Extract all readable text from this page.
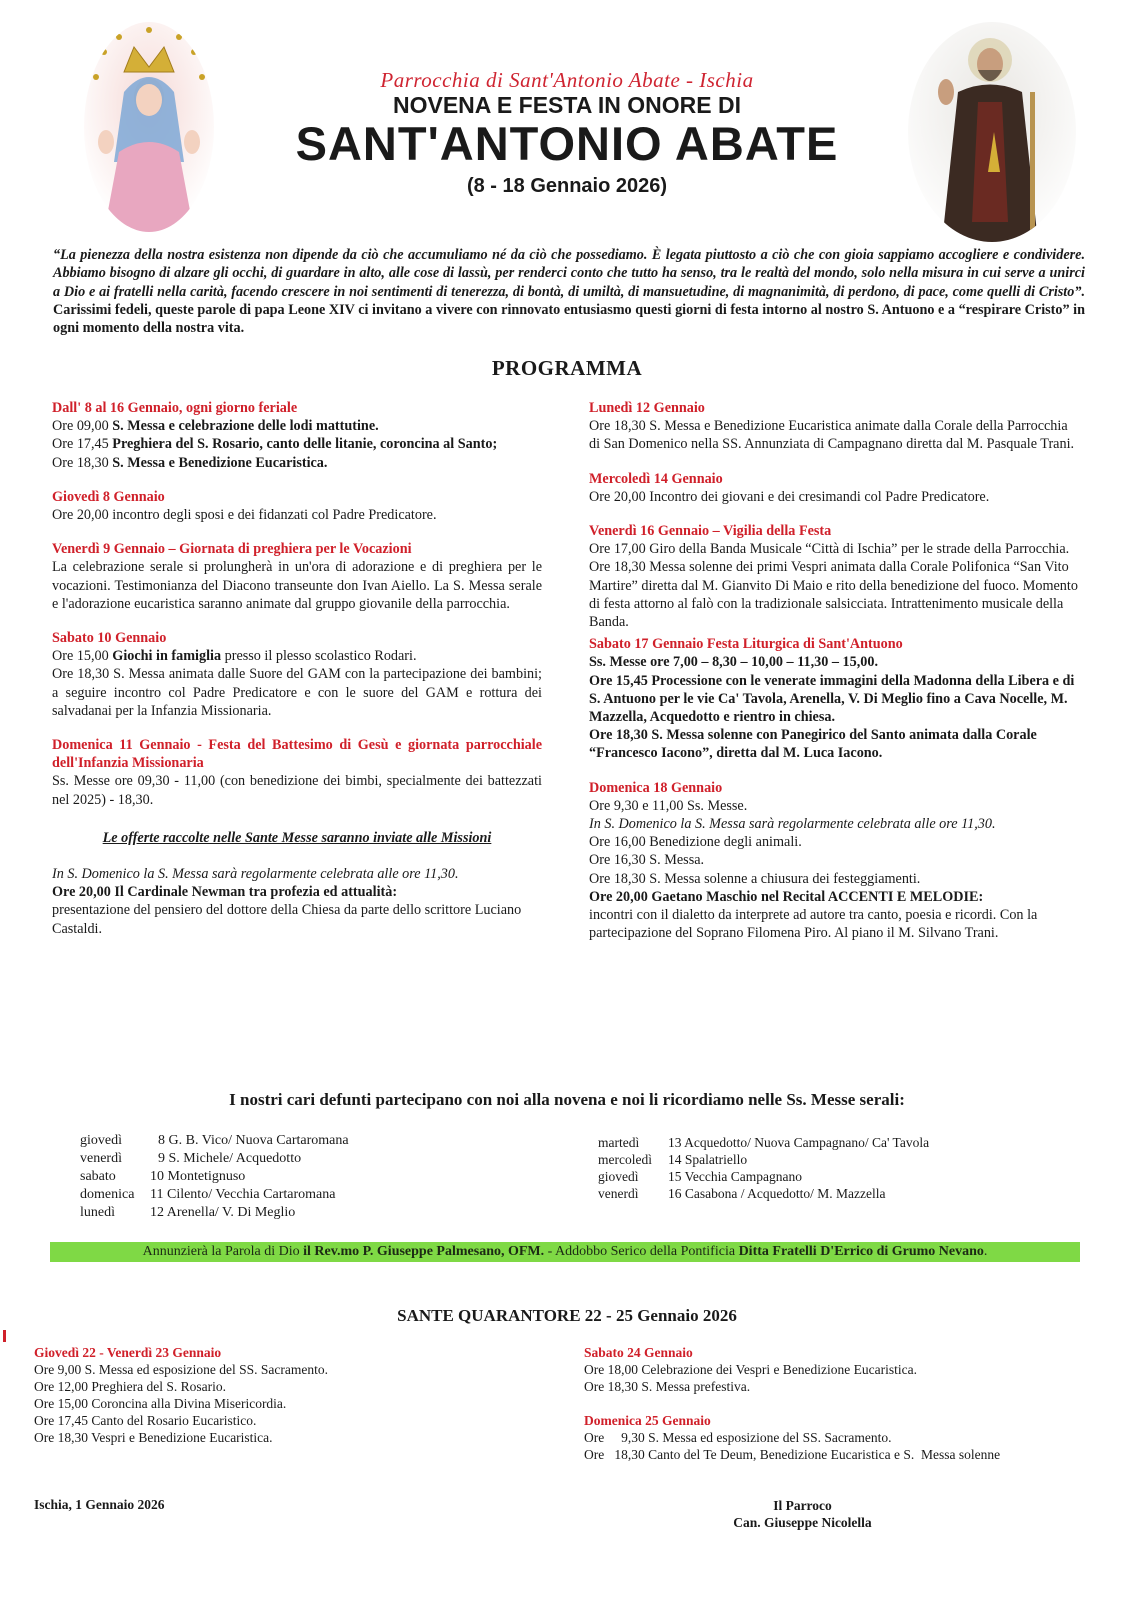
Parrocchia di Sant'Antonio Abate - Ischia
NOVENA E FESTA IN ONORE DI
SANT'ANTONIO ABATE
(8 - 18 Gennaio 2026)
“La pienezza della nostra esistenza non dipende da ciò che accumuliamo né da ciò che possediamo. È legata piuttosto a ciò che con gioia sappiamo accogliere e condividere. Abbiamo bisogno di alzare gli occhi, di guardare in alto, alle cose di lassù, per renderci conto che tutto ha senso, tra le realtà del mondo, solo nella misura in cui serve a unirci a Dio e ai fratelli nella carità, facendo crescere in noi sentimenti di tenerezza, di bontà, di umiltà, di mansuetudine, di magnanimità, di perdono, di pace, come quelli di Cristo”. Carissimi fedeli, queste parole di papa Leone XIV ci invitano a vivere con rinnovato entusiasmo questi giorni di festa intorno al nostro S. Antuono e a “respirare Cristo” in ogni momento della nostra vita.
PROGRAMMA

Dall' 8 al 16 Gennaio, ogni giorno feriale

Ore 09,00 S. Messa e celebrazione delle lodi mattutine.

Ore 17,45 Preghiera del S. Rosario, canto delle litanie, coroncina al Santo;

Ore 18,30 S. Messa e Benedizione Eucaristica.

Giovedì 8 Gennaio

Ore 20,00 incontro degli sposi e dei fidanzati col Padre Predicatore.

Venerdì 9 Gennaio – Giornata di preghiera per le Vocazioni

La celebrazione serale si prolungherà in un'ora di adorazione e di preghiera per le vocazioni. Testimonianza del Diacono transeunte don Ivan Aiello. La S. Messa serale e l'adorazione eucaristica saranno animate dal gruppo giovanile della parrocchia.

Sabato 10 Gennaio

Ore 15,00 Giochi in famiglia presso il plesso scolastico Rodari.

Ore 18,30 S. Messa animata dalle Suore del GAM con la partecipazione dei bambini; a seguire incontro col Padre Predicatore e con le suore del GAM e rottura dei salvadanai per la Infanzia Missionaria.

Domenica 11 Gennaio - Festa del Battesimo di Gesù e giornata parrocchiale dell'Infanzia Missionaria

Ss. Messe ore 09,30 - 11,00 (con benedizione dei bimbi, specialmente dei battezzati nel 2025) - 18,30.

Le offerte raccolte nelle Sante Messe saranno inviate alle Missioni

In S. Domenico la S. Messa sarà regolarmente celebrata alle ore 11,30.

Ore 20,00 Il Cardinale Newman tra profezia ed attualità:

presentazione del pensiero del dottore della Chiesa da parte dello scrittore Luciano Castaldi.

Lunedì 12 Gennaio

Ore 18,30 S. Messa e Benedizione Eucaristica animate dalla Corale della Parrocchia di San Domenico nella SS. Annunziata di Campagnano diretta dal M. Pasquale Trani.

Mercoledì 14 Gennaio

Ore 20,00 Incontro dei giovani e dei cresimandi col Padre Predicatore.

Venerdì 16 Gennaio – Vigilia della Festa

Ore 17,00 Giro della Banda Musicale “Città di Ischia” per le strade della Parrocchia.

Ore 18,30 Messa solenne dei primi Vespri animata dalla Corale Polifonica “San Vito Martire” diretta dal M. Gianvito Di Maio e rito della benedizione del fuoco. Momento di festa attorno al falò con la tradizionale salsicciata. Intrattenimento musicale della Banda.

Sabato 17 Gennaio Festa Liturgica di Sant'Antuono

Ss. Messe ore 7,00 – 8,30 – 10,00 – 11,30 – 15,00.

Ore 15,45 Processione con le venerate immagini della Madonna della Libera e di S. Antuono per le vie Ca' Tavola, Arenella, V. Di Meglio fino a Cava Nocelle, M. Mazzella, Acquedotto e rientro in chiesa.

Ore 18,30 S. Messa solenne con Panegirico del Santo animata dalla Corale “Francesco Iacono”, diretta dal M. Luca Iacono.

Domenica 18 Gennaio

Ore 9,30 e 11,00 Ss. Messe.

In S. Domenico la S. Messa sarà regolarmente celebrata alle ore 11,30.

Ore 16,00 Benedizione degli animali.

Ore 16,30 S. Messa.

Ore 18,30 S. Messa solenne a chiusura dei festeggiamenti.

Ore 20,00 Gaetano Maschio nel Recital ACCENTI E MELODIE:

incontri con il dialetto da interprete ad autore tra canto, poesia e ricordi. Con la partecipazione del Soprano Filomena Piro. Al piano il M. Silvano Trani.

I nostri cari defunti partecipano con noi alla novena e noi li ricordiamo nelle Ss. Messe serali:
giovedì	8 G. B. Vico/ Nuova Cartaromana
venerdì	9 S. Michele/ Acquedotto
sabato	10 Montetignuso
domenica	11 Cilento/ Vecchia Cartaromana
lunedì	12 Arenella/ V. Di Meglio
martedì	13 Acquedotto/ Nuova Campagnano/ Ca' Tavola
mercoledì	14 Spalatriello
giovedì	15 Vecchia Campagnano
venerdì	16 Casabona / Acquedotto/ M. Mazzella
Annunzierà la Parola di Dio il Rev.mo P. Giuseppe Palmesano, OFM. - Addobbo Serico della Pontificia Ditta Fratelli D'Errico di Grumo Nevano.
SANTE QUARANTORE 22 - 25 Gennaio 2026

Giovedì 22 - Venerdì 23 Gennaio

Ore 9,00 S. Messa ed esposizione del SS. Sacramento.

Ore 12,00 Preghiera del S. Rosario.

Ore 15,00 Coroncina alla Divina Misericordia.

Ore 17,45 Canto del Rosario Eucaristico.

Ore 18,30 Vespri e Benedizione Eucaristica.

Sabato 24 Gennaio

Ore 18,00 Celebrazione dei Vespri e Benedizione Eucaristica.

Ore 18,30 S. Messa prefestiva.

Domenica 25 Gennaio

Ore     9,30 S. Messa ed esposizione del SS. Sacramento.

Ore   18,30 Canto del Te Deum, Benedizione Eucaristica e S.  Messa solenne

Ischia, 1 Gennaio 2026	Il Parroco
Can. Giuseppe Nicolella
